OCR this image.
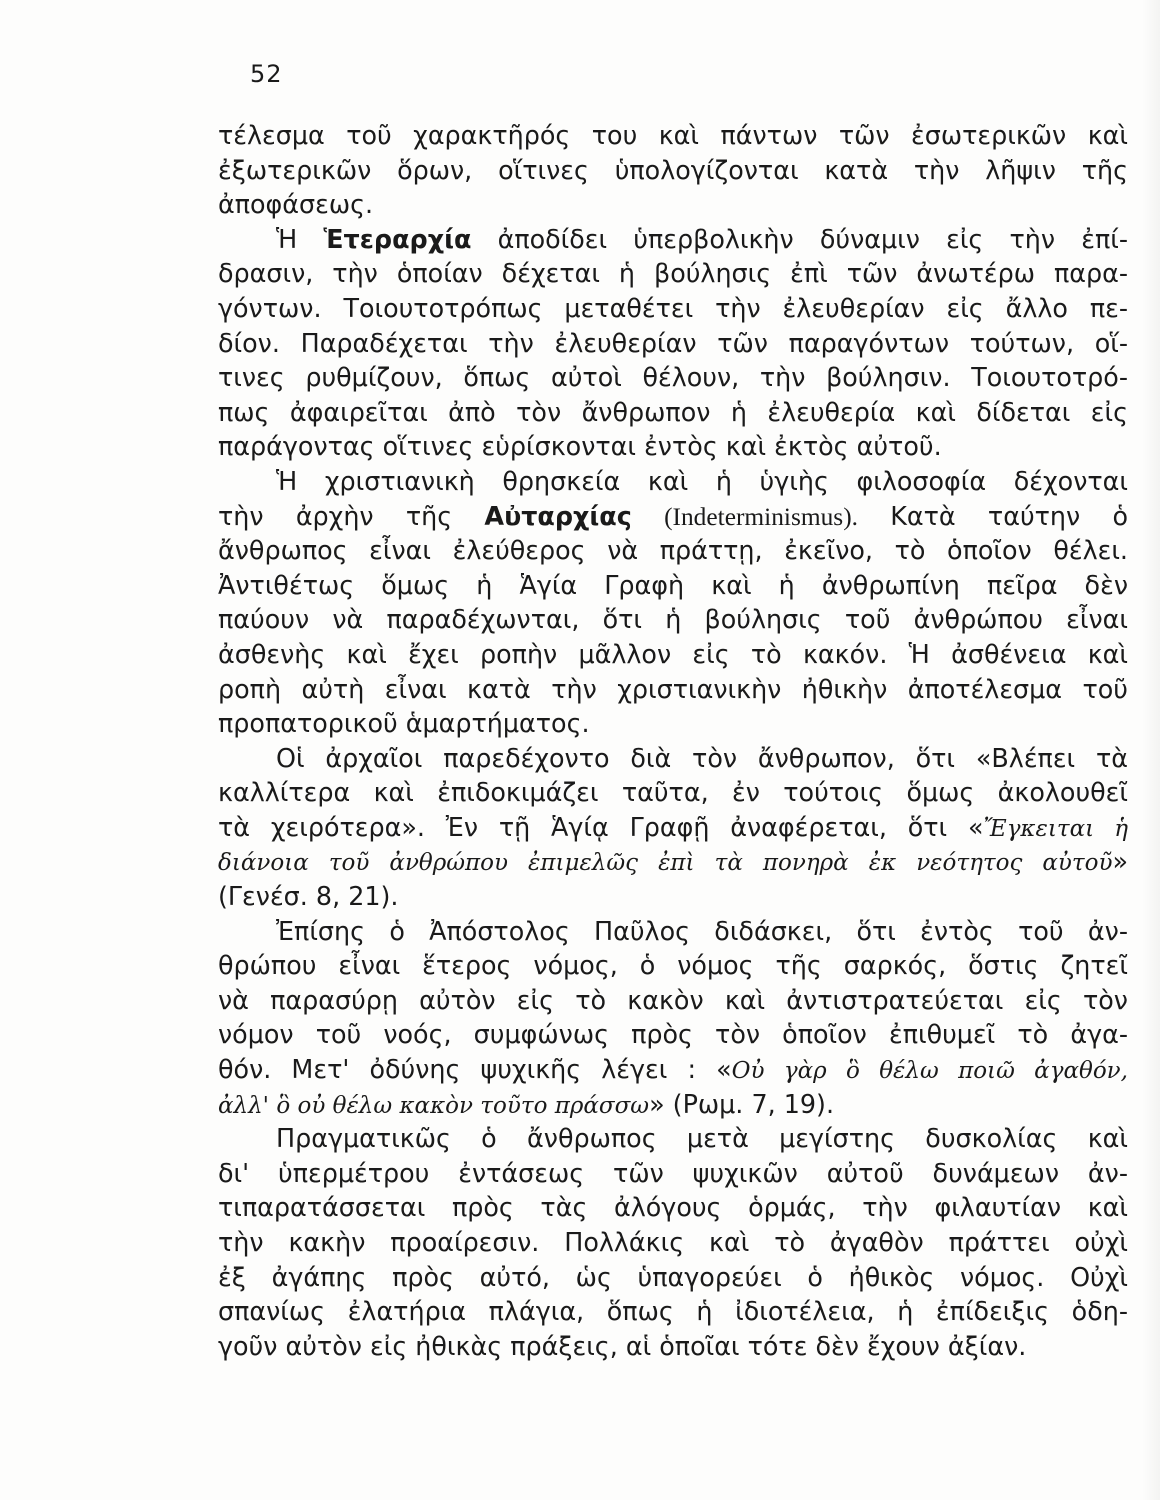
52
τέλεσμα τοῦ χαρακτῆρός του καὶ πάντων τῶν ἐσωτερικῶν καὶ
ἐξωτερικῶν ὅρων, οἵτινες ὑπολογίζονται κατὰ τὴν λῆψιν τῆς
ἀποφάσεως.
Ἡ Ἑτεραρχία ἀποδίδει ὑπερβολικὴν δύναμιν εἰς τὴν ἐπί-
δρασιν, τὴν ὁποίαν δέχεται ἡ βούλησις ἐπὶ τῶν ἀνωτέρω παρα-
γόντων. Τοιουτοτρόπως μεταθέτει τὴν ἐλευθερίαν εἰς ἄλλο πε-
δίον. Παραδέχεται τὴν ἐλευθερίαν τῶν παραγόντων τούτων, οἵ-
τινες ρυθμίζουν, ὅπως αὐτοὶ θέλουν, τὴν βούλησιν. Τοιουτοτρό-
πως ἀφαιρεῖται ἀπὸ τὸν ἄνθρωπον ἡ ἐλευθερία καὶ δίδεται εἰς
παράγοντας οἵτινες εὑρίσκονται ἐντὸς καὶ ἐκτὸς αὐτοῦ.
Ἡ χριστιανικὴ θρησκεία καὶ ἡ ὑγιὴς φιλοσοφία δέχονται
τὴν ἀρχὴν τῆς Αὐταρχίας (Indeterminismus). Κατὰ ταύτην ὁ
ἄνθρωπος εἶναι ἐλεύθερος νὰ πράττῃ, ἐκεῖνο, τὸ ὁποῖον θέλει.
Ἀντιθέτως ὅμως ἡ Ἁγία Γραφὴ καὶ ἡ ἀνθρωπίνη πεῖρα δὲν
παύουν νὰ παραδέχωνται, ὅτι ἡ βούλησις τοῦ ἀνθρώπου εἶναι
ἀσθενὴς καὶ ἔχει ροπὴν μᾶλλον εἰς τὸ κακόν. Ἡ ἀσθένεια καὶ
ροπὴ αὐτὴ εἶναι κατὰ τὴν χριστιανικὴν ἠθικὴν ἀποτέλεσμα τοῦ
προπατορικοῦ ἁμαρτήματος.
Οἱ ἀρχαῖοι παρεδέχοντο διὰ τὸν ἄνθρωπον, ὅτι «Βλέπει τὰ
καλλίτερα καὶ ἐπιδοκιμάζει ταῦτα, ἐν τούτοις ὅμως ἀκολουθεῖ
τὰ χειρότερα». Ἐν τῇ Ἁγίᾳ Γραφῇ ἀναφέρεται, ὅτι «Ἔγκειται ἡ
διάνοια τοῦ ἀνθρώπου ἐπιμελῶς ἐπὶ τὰ πονηρὰ ἐκ νεότητος αὐτοῦ»
(Γενέσ. 8, 21).
Ἐπίσης ὁ Ἀπόστολος Παῦλος διδάσκει, ὅτι ἐντὸς τοῦ ἀν-
θρώπου εἶναι ἕτερος νόμος, ὁ νόμος τῆς σαρκός, ὅστις ζητεῖ
νὰ παρασύρῃ αὐτὸν εἰς τὸ κακὸν καὶ ἀντιστρατεύεται εἰς τὸν
νόμον τοῦ νοός, συμφώνως πρὸς τὸν ὁποῖον ἐπιθυμεῖ τὸ ἀγα-
θόν. Μετ' ὀδύνης ψυχικῆς λέγει : «Οὐ γὰρ ὃ θέλω ποιῶ ἀγαθόν,
ἀλλ' ὃ οὐ θέλω κακὸν τοῦτο πράσσω» (Ρωμ. 7, 19).
Πραγματικῶς ὁ ἄνθρωπος μετὰ μεγίστης δυσκολίας καὶ
δι' ὑπερμέτρου ἐντάσεως τῶν ψυχικῶν αὐτοῦ δυνάμεων ἀν-
τιπαρατάσσεται πρὸς τὰς ἀλόγους ὁρμάς, τὴν φιλαυτίαν καὶ
τὴν κακὴν προαίρεσιν. Πολλάκις καὶ τὸ ἀγαθὸν πράττει οὐχὶ
ἐξ ἀγάπης πρὸς αὐτό, ὡς ὑπαγορεύει ὁ ἠθικὸς νόμος. Οὐχὶ
σπανίως ἐλατήρια πλάγια, ὅπως ἡ ἰδιοτέλεια, ἡ ἐπίδειξις ὁδη-
γοῦν αὐτὸν εἰς ἠθικὰς πράξεις, αἱ ὁποῖαι τότε δὲν ἔχουν ἀξίαν.
